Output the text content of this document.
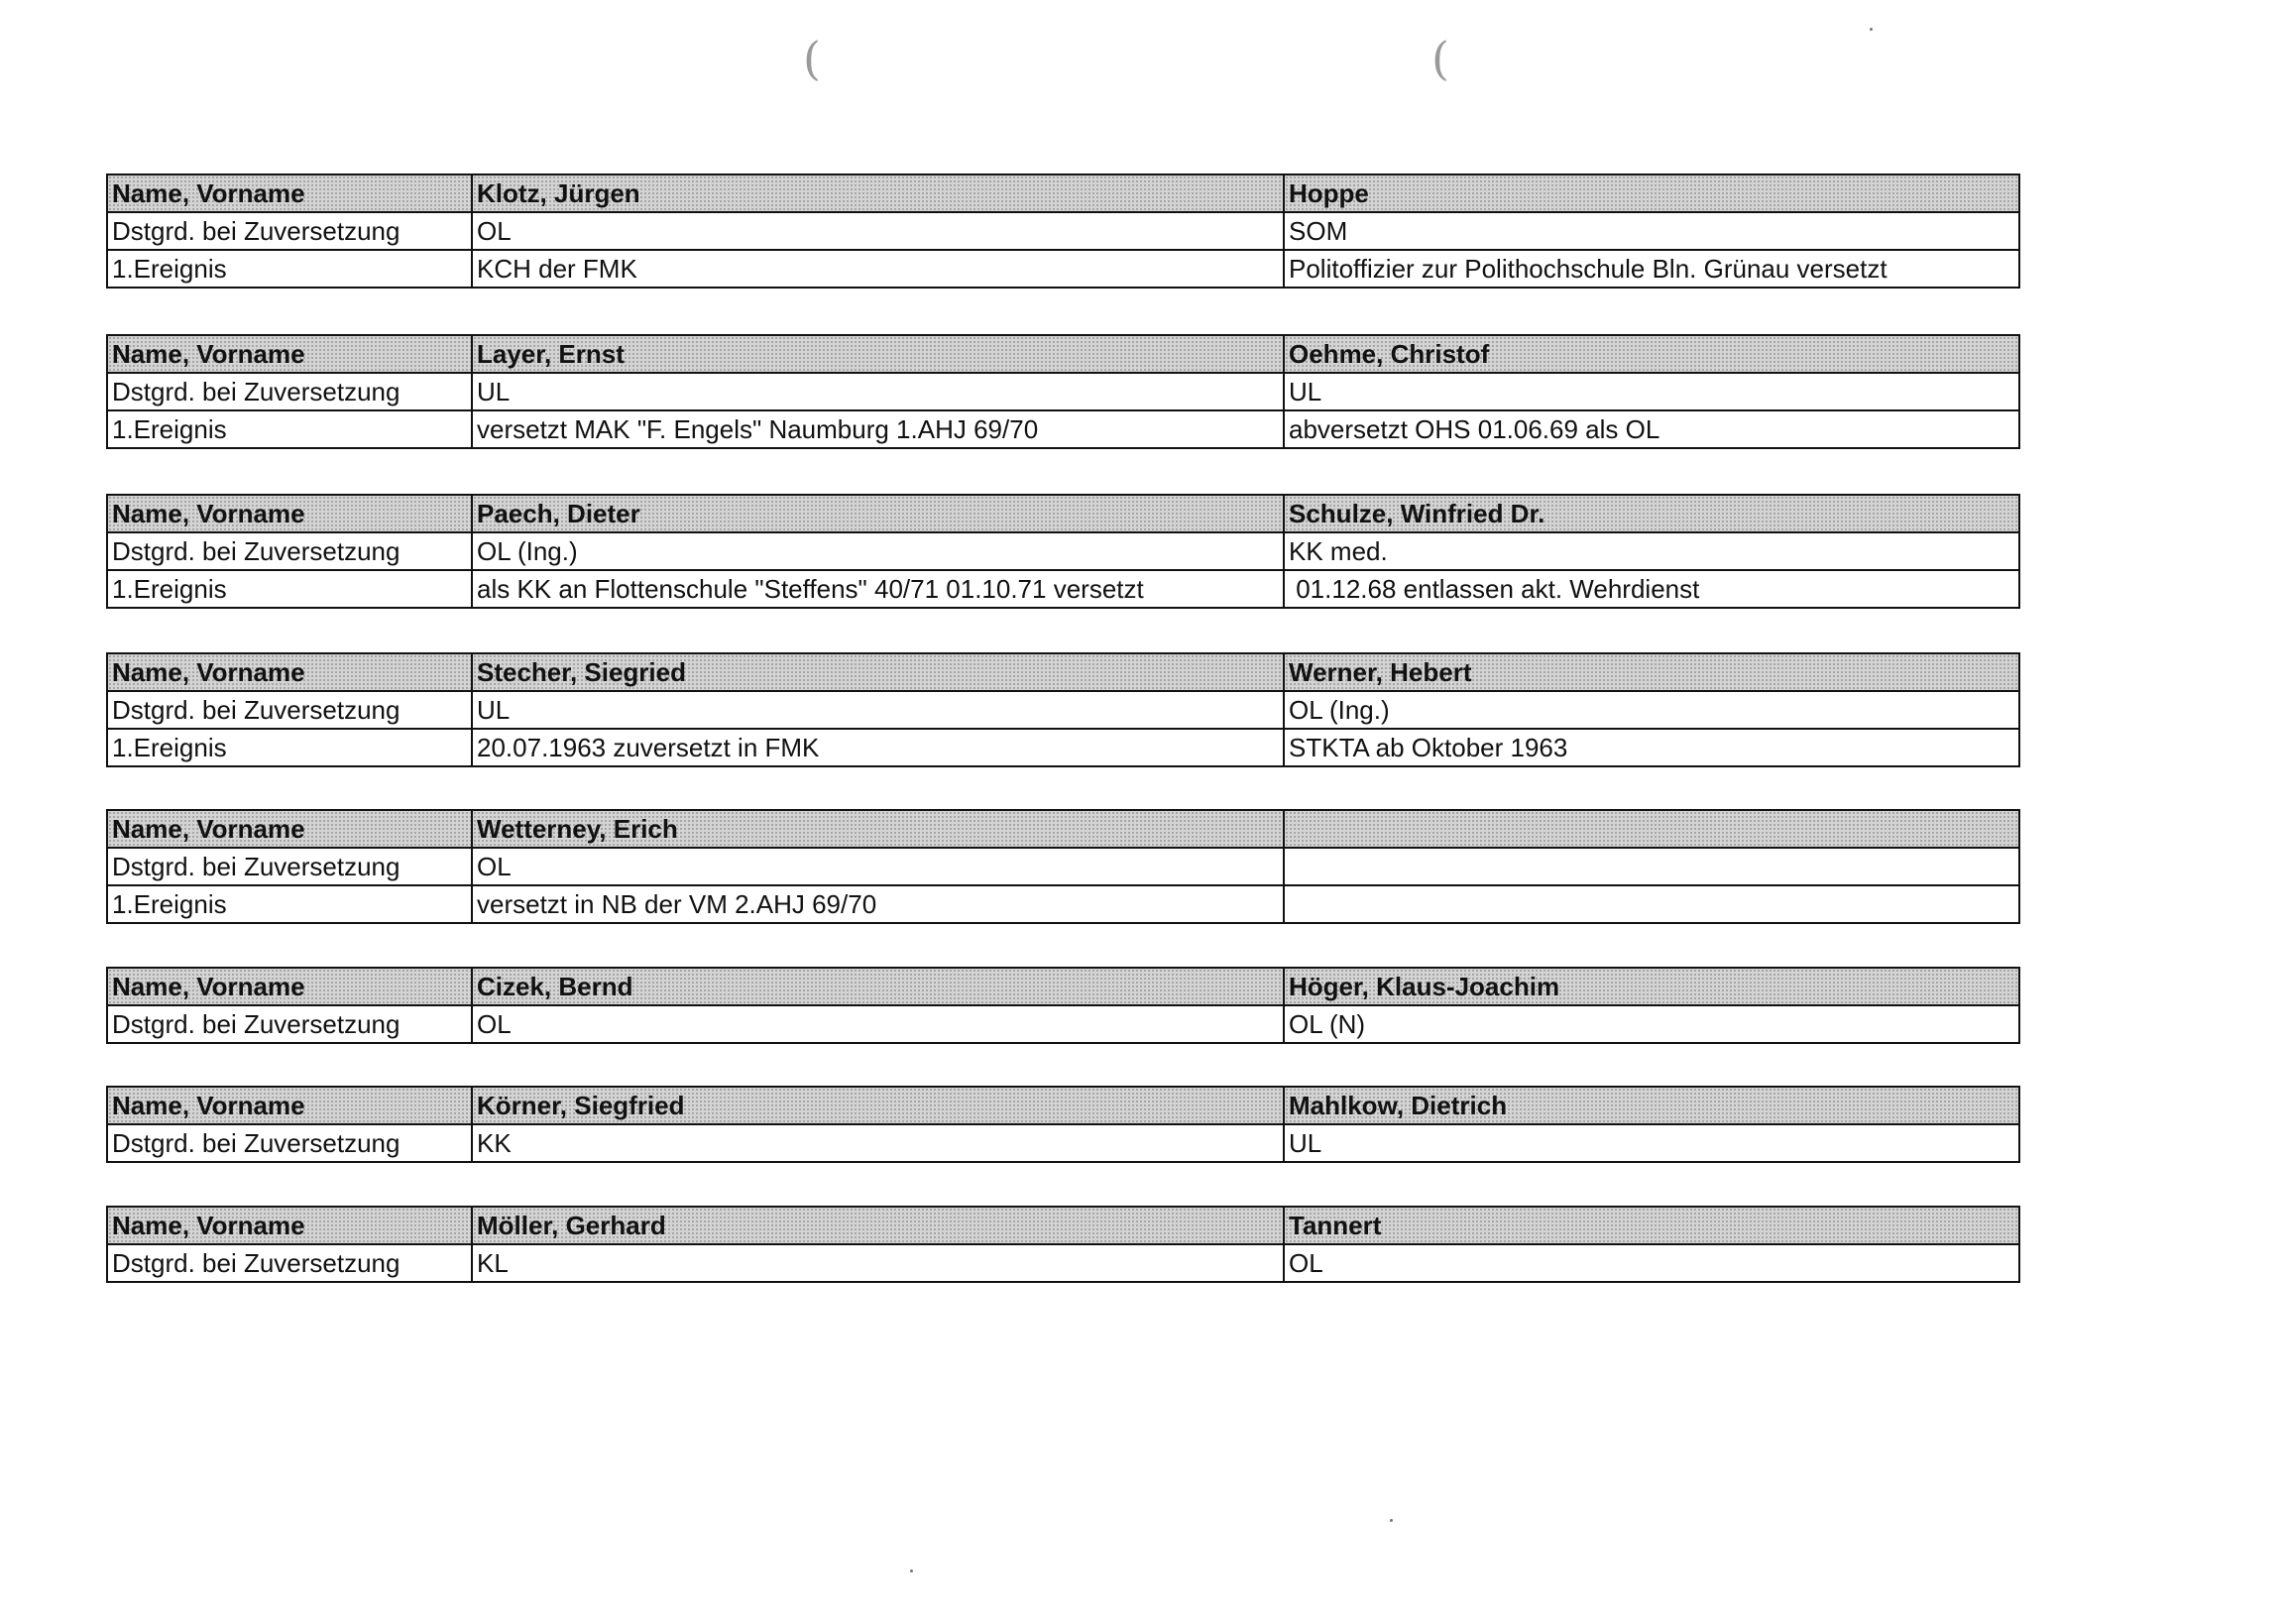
(	(
Name, Vorname	Klotz, Jürgen	Hoppe
Dstgrd. bei Zuversetzung	OL	SOM
1.Ereignis	KCH der FMK	Politoffizier zur Polithochschule Bln. Grünau versetzt
Name, Vorname	Layer, Ernst	Oehme, Christof
Dstgrd. bei Zuversetzung	UL	UL
1.Ereignis	versetzt MAK "F. Engels" Naumburg 1.AHJ 69/70	abversetzt OHS 01.06.69 als OL
Name, Vorname	Paech, Dieter	Schulze, Winfried Dr.
Dstgrd. bei Zuversetzung	OL (Ing.)	KK med.
1.Ereignis	als KK an Flottenschule "Steffens" 40/71 01.10.71 versetzt	01.12.68 entlassen akt. Wehrdienst
Name, Vorname	Stecher, Siegried	Werner, Hebert
Dstgrd. bei Zuversetzung	UL	OL (Ing.)
1.Ereignis	20.07.1963 zuversetzt in FMK	STKTA ab Oktober 1963
Name, Vorname	Wetterney, Erich	
Dstgrd. bei Zuversetzung	OL	
1.Ereignis	versetzt in NB der VM 2.AHJ 69/70	
Name, Vorname	Cizek, Bernd	Höger, Klaus-Joachim
Dstgrd. bei Zuversetzung	OL	OL (N)
Name, Vorname	Körner, Siegfried	Mahlkow, Dietrich
Dstgrd. bei Zuversetzung	KK	UL
Name, Vorname	Möller, Gerhard	Tannert
Dstgrd. bei Zuversetzung	KL	OL
